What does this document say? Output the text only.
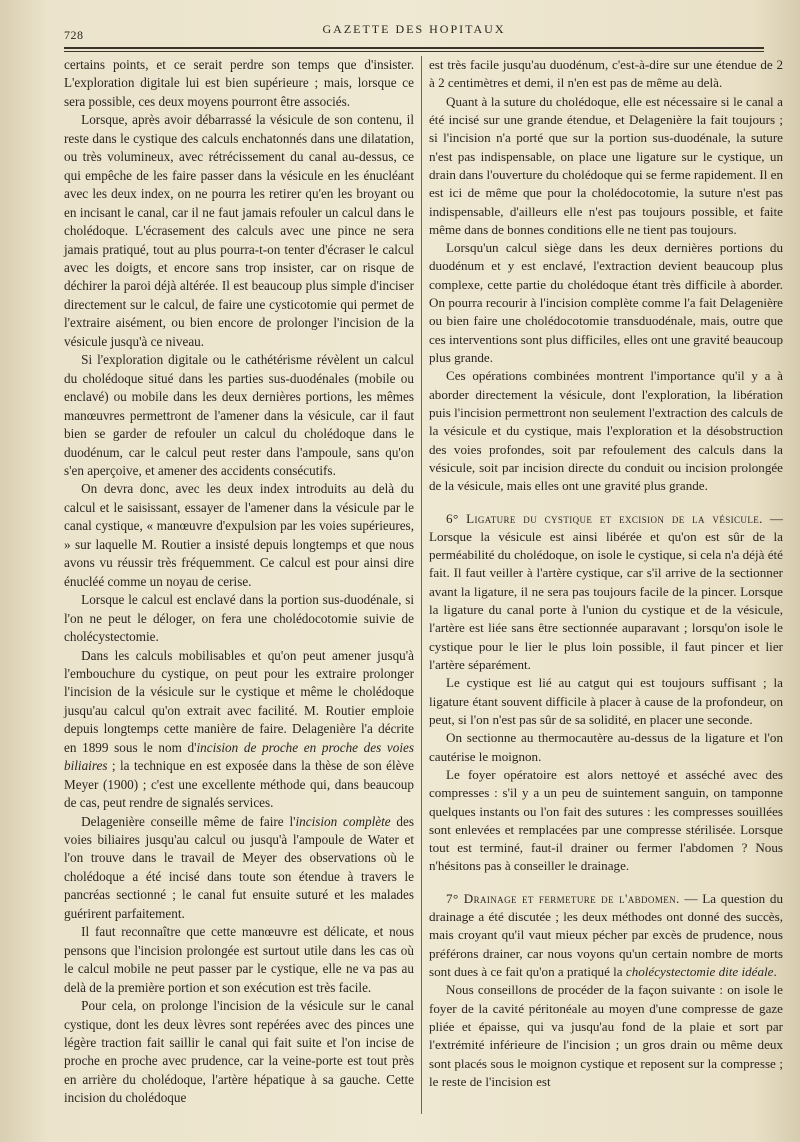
728	GAZETTE DES HOPITAUX

certains points, et ce serait perdre son temps que d'insister. L'exploration digitale lui est bien supérieure ; mais, lorsque ce sera possible, ces deux moyens pourront être associés.

Lorsque, après avoir débarrassé la vésicule de son contenu, il reste dans le cystique des calculs enchatonnés dans une dilatation, ou très volumineux, avec rétrécissement du canal au-dessus, ce qui empêche de les faire passer dans la vésicule en les énucléant avec les deux index, on ne pourra les retirer qu'en les broyant ou en incisant le canal, car il ne faut jamais refouler un calcul dans le cholédoque. L'écrasement des calculs avec une pince ne sera jamais pratiqué, tout au plus pourra-t-on tenter d'écraser le calcul avec les doigts, et encore sans trop insister, car on risque de déchirer la paroi déjà altérée. Il est beaucoup plus simple d'inciser directement sur le calcul, de faire une cysticotomie qui permet de l'extraire aisément, ou bien encore de prolonger l'incision de la vésicule jusqu'à ce niveau.

Si l'exploration digitale ou le cathétérisme révèlent un calcul du cholédoque situé dans les parties sus-duodénales (mobile ou enclavé) ou mobile dans les deux dernières portions, les mêmes manœuvres permettront de l'amener dans la vésicule, car il faut bien se garder de refouler un calcul du cholédoque dans le duodénum, car le calcul peut rester dans l'ampoule, sans qu'on s'en aperçoive, et amener des accidents consécutifs.

On devra donc, avec les deux index introduits au delà du calcul et le saisissant, essayer de l'amener dans la vésicule par le canal cystique, « manœuvre d'expulsion par les voies supérieures, » sur laquelle M. Routier a insisté depuis longtemps et que nous avons vu réussir très fréquemment. Ce calcul est pour ainsi dire énucléé comme un noyau de cerise.

Lorsque le calcul est enclavé dans la portion sus-duodénale, si l'on ne peut le déloger, on fera une cholédocotomie suivie de cholécystectomie.

Dans les calculs mobilisables et qu'on peut amener jusqu'à l'embouchure du cystique, on peut pour les extraire prolonger l'incision de la vésicule sur le cystique et même le cholédoque jusqu'au calcul qu'on extrait avec facilité. M. Routier emploie depuis longtemps cette manière de faire. Delagenière l'a décrite en 1899 sous le nom d'incision de proche en proche des voies biliaires ; la technique en est exposée dans la thèse de son élève Meyer (1900) ; c'est une excellente méthode qui, dans beaucoup de cas, peut rendre de signalés services.

Delagenière conseille même de faire l'incision complète des voies biliaires jusqu'au calcul ou jusqu'à l'ampoule de Water et l'on trouve dans le travail de Meyer des observations où le cholédoque a été incisé dans toute son étendue à travers le pancréas sectionné ; le canal fut ensuite suturé et les malades guérirent parfaitement.

Il faut reconnaître que cette manœuvre est délicate, et nous pensons que l'incision prolongée est surtout utile dans les cas où le calcul mobile ne peut passer par le cystique, elle ne va pas au delà de la première portion et son exécution est très facile.

Pour cela, on prolonge l'incision de la vésicule sur le canal cystique, dont les deux lèvres sont repérées avec des pinces une légère traction fait saillir le canal qui fait suite et l'on incise de proche en proche avec prudence, car la veine-porte est tout près en arrière du cholédoque, l'artère hépatique à sa gauche. Cette incision du cholédoque

est très facile jusqu'au duodénum, c'est-à-dire sur une étendue de 2 à 2 centimètres et demi, il n'en est pas de même au delà.

Quant à la suture du cholédoque, elle est nécessaire si le canal a été incisé sur une grande étendue, et Delagenière la fait toujours ; si l'incision n'a porté que sur la portion sus-duodénale, la suture n'est pas indispensable, on place une ligature sur le cystique, un drain dans l'ouverture du cholédoque qui se ferme rapidement. Il en est ici de même que pour la cholédocotomie, la suture n'est pas indispensable, d'ailleurs elle n'est pas toujours possible, et faite même dans de bonnes conditions elle ne tient pas toujours.

Lorsqu'un calcul siège dans les deux dernières portions du duodénum et y est enclavé, l'extraction devient beaucoup plus complexe, cette partie du cholédoque étant très difficile à aborder. On pourra recourir à l'incision complète comme l'a fait Delagenière ou bien faire une cholédocotomie transduodénale, mais, outre que ces interventions sont plus difficiles, elles ont une gravité beaucoup plus grande.

Ces opérations combinées montrent l'importance qu'il y a à aborder directement la vésicule, dont l'exploration, la libération puis l'incision permettront non seulement l'extraction des calculs de la vésicule et du cystique, mais l'exploration et la désobstruction des voies profondes, soit par refoulement des calculs dans la vésicule, soit par incision directe du conduit ou incision prolongée de la vésicule, mais elles ont une gravité plus grande.

6° Ligature du cystique et excision de la vésicule. — Lorsque la vésicule est ainsi libérée et qu'on est sûr de la perméabilité du cholédoque, on isole le cystique, si cela n'a déjà été fait. Il faut veiller à l'artère cystique, car s'il arrive de la sectionner avant la ligature, il ne sera pas toujours facile de la pincer. Lorsque la ligature du canal porte à l'union du cystique et de la vésicule, l'artère est liée sans être sectionnée auparavant ; lorsqu'on isole le cystique pour le lier le plus loin possible, il faut pincer et lier l'artère séparément.

Le cystique est lié au catgut qui est toujours suffisant ; la ligature étant souvent difficile à placer à cause de la profondeur, on peut, si l'on n'est pas sûr de sa solidité, en placer une seconde.

On sectionne au thermocautère au-dessus de la ligature et l'on cautérise le moignon.

Le foyer opératoire est alors nettoyé et asséché avec des compresses : s'il y a un peu de suintement sanguin, on tamponne quelques instants ou l'on fait des sutures : les compresses souillées sont enlevées et remplacées par une compresse stérilisée. Lorsque tout est terminé, faut-il drainer ou fermer l'abdomen ? Nous n'hésitons pas à conseiller le drainage.

7° Drainage et fermeture de l'abdomen. — La question du drainage a été discutée ; les deux méthodes ont donné des succès, mais croyant qu'il vaut mieux pécher par excès de prudence, nous préférons drainer, car nous voyons qu'un certain nombre de morts sont dues à ce fait qu'on a pratiqué la cholécystectomie dite idéale.

Nous conseillons de procéder de la façon suivante : on isole le foyer de la cavité péritonéale au moyen d'une compresse de gaze pliée et épaisse, qui va jusqu'au fond de la plaie et sort par l'extrémité inférieure de l'incision ; un gros drain ou même deux sont placés sous le moignon cystique et reposent sur la compresse ; le reste de l'incision est
